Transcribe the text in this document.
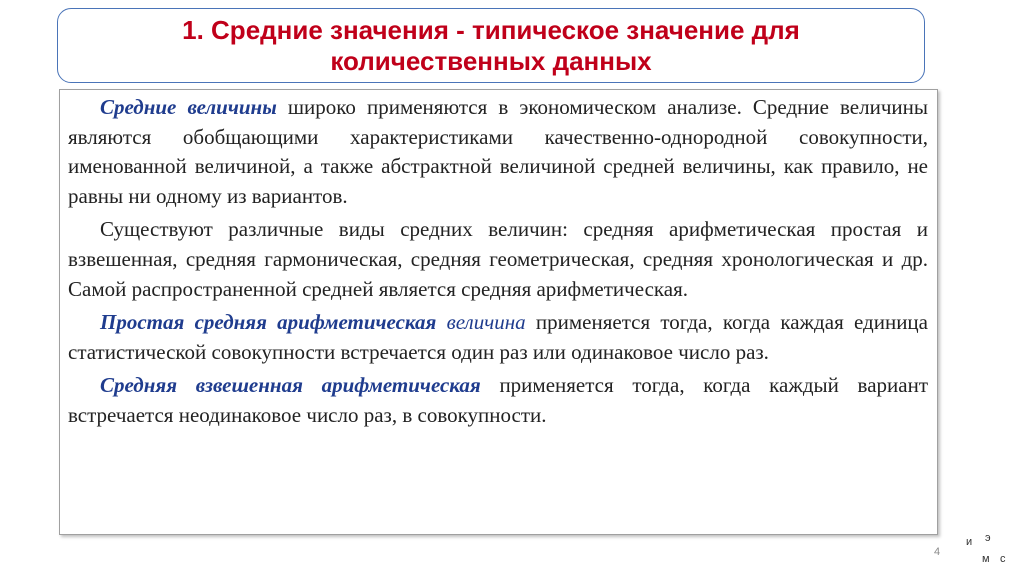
1. Средние значения - типическое значение для
количественных данных

Средние величины широко применяются в экономическом анализе. Средние величины являются обобщающими характеристиками качественно-однородной совокупности, именованной величиной, а также абстрактной величиной средней величины, как правило, не равны ни одному из вариантов.

Существуют различные виды средних величин: средняя арифметическая простая и взвешенная, средняя гармоническая, средняя геометрическая, средняя хронологическая и др. Самой распространенной средней является средняя арифметическая.

Простая средняя арифметическая величина применяется тогда, когда каждая единица статистической совокупности встречается один раз или одинаковое число раз.

Средняя взвешенная арифметическая применяется тогда, когда каждый вариант встречается неодинаковое число раз, в совокупности.

4
и э
м с
